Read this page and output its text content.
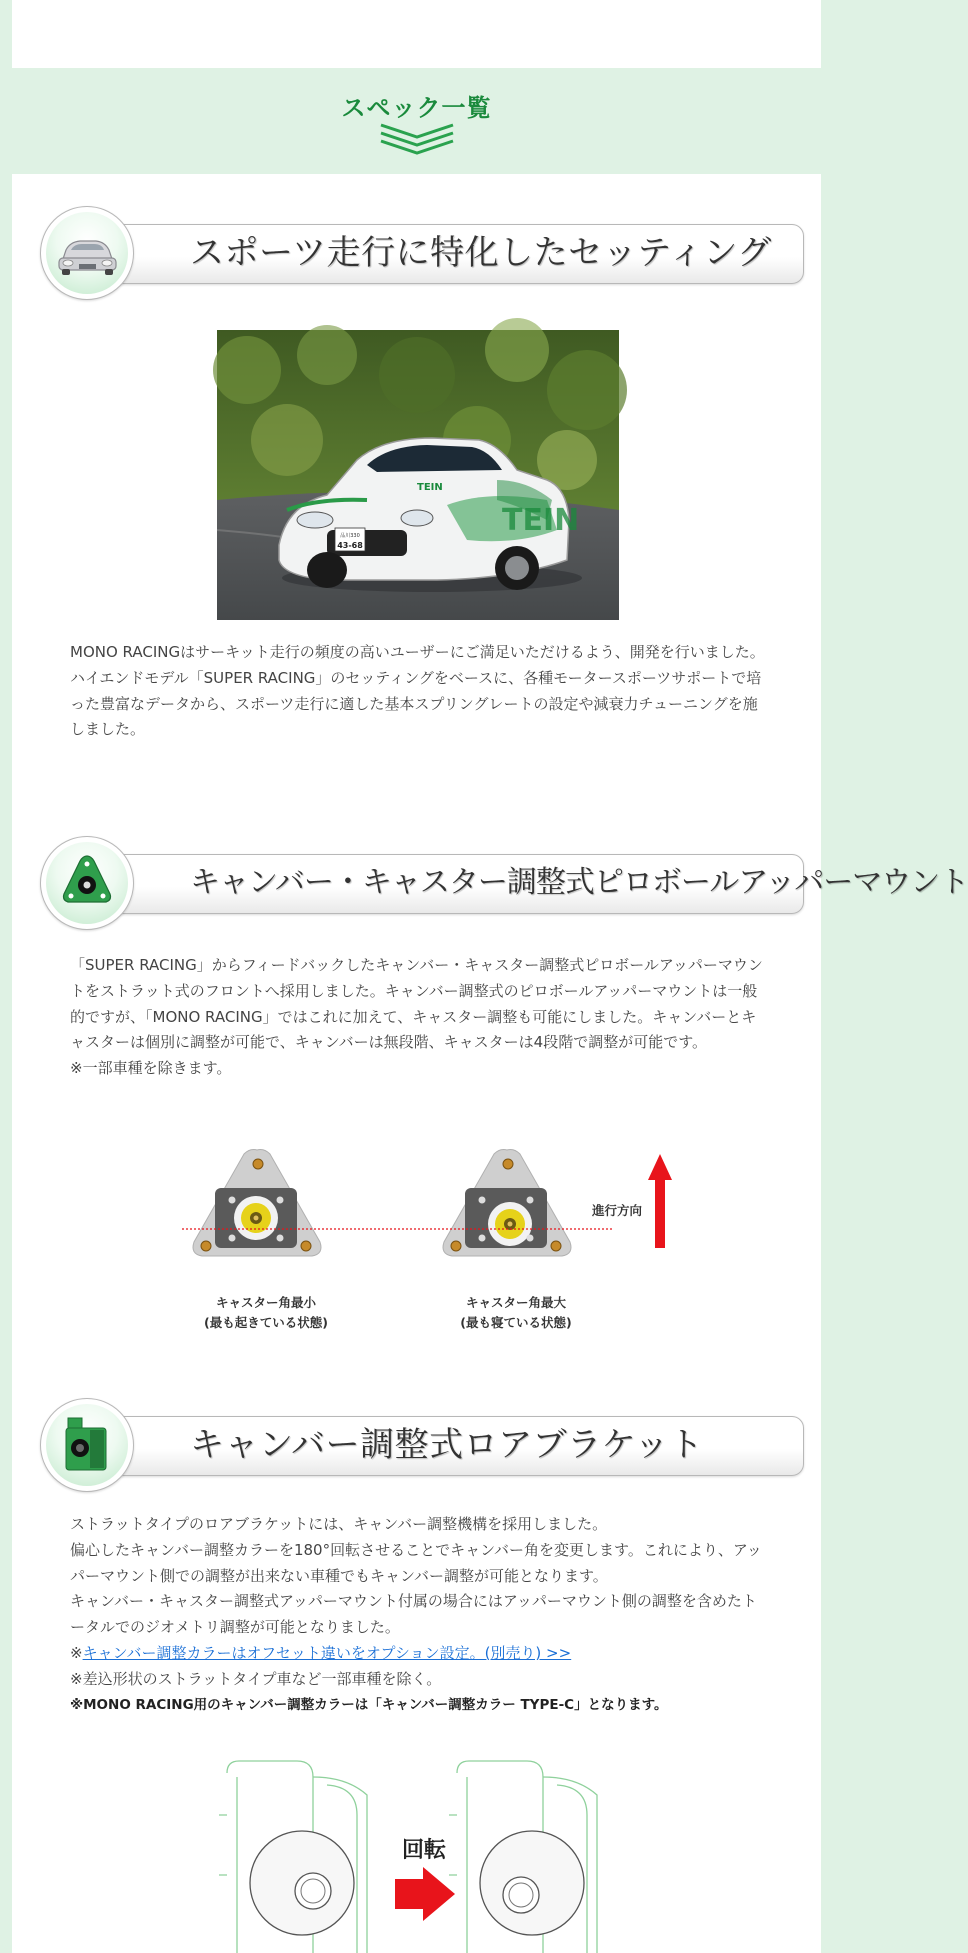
スペック一覧
スポーツ走行に特化したセッティング
品川330
43-68
TEIN
TEIN

MONO RACINGはサーキット走行の頻度の高いユーザーにご満足いただけるよう、開発を行いました。

ハイエンドモデル「SUPER RACING」のセッティングをベースに、各種モータースポーツサポートで培った豊富なデータから、スポーツ走行に適した基本スプリングレートの設定や減衰力チューニングを施しました。

キャンバー・キャスター調整式ピロボールアッパーマウント

「SUPER RACING」からフィードバックしたキャンバー・キャスター調整式ピロボールアッパーマウントをストラット式のフロントへ採用しました。キャンバー調整式のピロボールアッパーマウントは一般的ですが、「MONO RACING」ではこれに加えて、キャスター調整も可能にしました。キャンバーとキャスターは個別に調整が可能で、キャンバーは無段階、キャスターは4段階で調整が可能です。

※一部車種を除きます。

進行方向
キャスター角最小
(最も起きている状態)
キャスター角最大
(最も寝ている状態)
キャンバー調整式ロアブラケット

ストラットタイプのロアブラケットには、キャンバー調整機構を採用しました。

偏心したキャンバー調整カラーを180°回転させることでキャンバー角を変更します。これにより、アッパーマウント側での調整が出来ない車種でもキャンバー調整が可能となります。

キャンバー・キャスター調整式アッパーマウント付属の場合にはアッパーマウント側の調整を含めたトータルでのジオメトリ調整が可能となりました。

※キャンバー調整カラーはオフセット違いをオプション設定。(別売り) >>

※差込形状のストラットタイプ車など一部車種を除く。

※MONO RACING用のキャンバー調整カラーは「キャンバー調整カラー TYPE-C」となります。

回転
